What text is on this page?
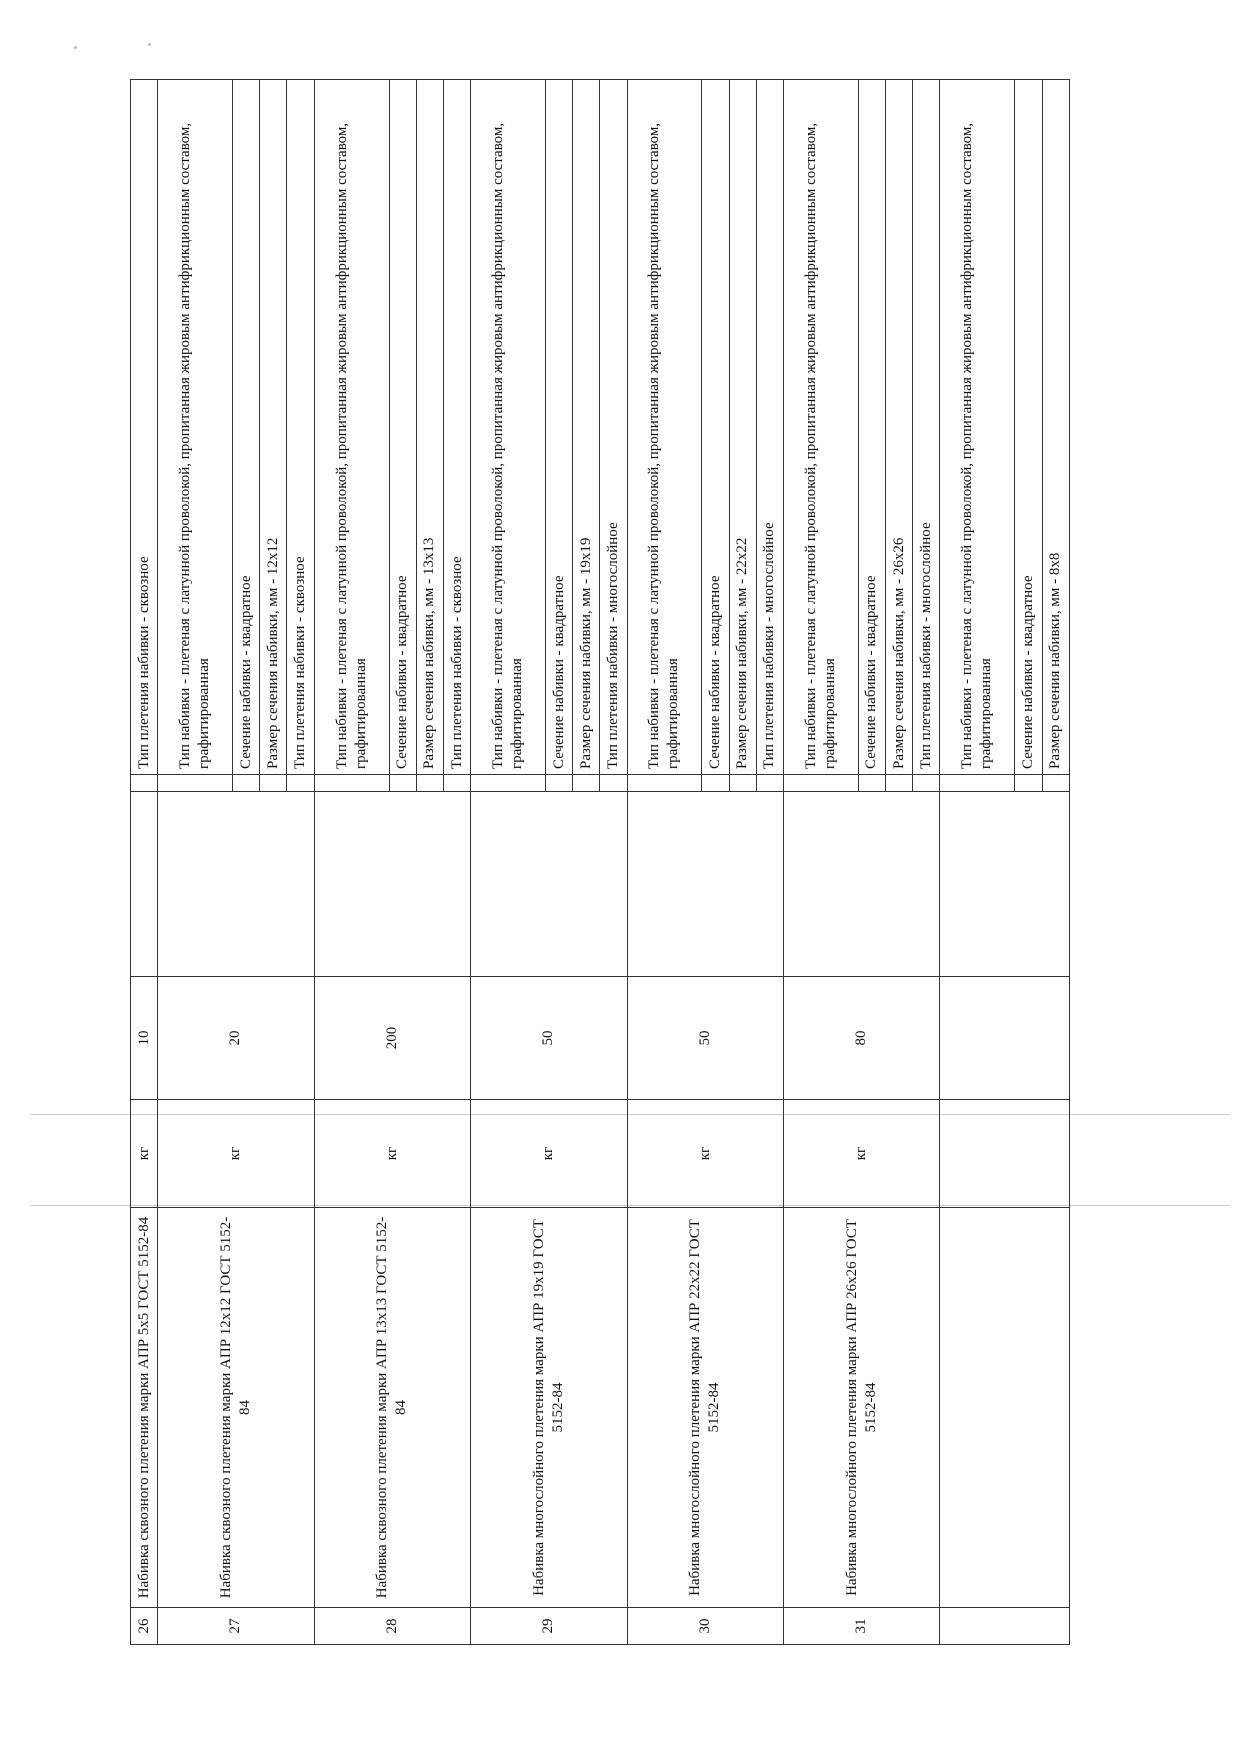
26	Набивка сквозного плетения марки АПР 5х5 ГОСТ 5152-84	кг	10			Тип плетения набивки - сквозное
27	Набивка сквозного плетения марки АПР 12х12 ГОСТ 5152-84	кг	20			Тип набивки - плетеная с латунной проволокой, пропитанная жировым антифрикционным составом, графитированная
						Сечение набивки - квадратное
						Размер сечения набивки, мм - 12х12
						Тип плетения набивки - сквозное
28	Набивка сквозного плетения марки АПР 13х13 ГОСТ 5152-84	кг	200			Тип набивки - плетеная с латунной проволокой, пропитанная жировым антифрикционным составом, графитированная
						Сечение набивки - квадратное
						Размер сечения набивки, мм - 13х13
						Тип плетения набивки - сквозное
29	Набивка многослойного плетения марки АПР 19х19 ГОСТ 5152-84	кг	50			Тип набивки - плетеная с латунной проволокой, пропитанная жировым антифрикционным составом, графитированная
						Сечение набивки - квадратное
						Размер сечения набивки, мм - 19х19
						Тип плетения набивки - многослойное
30	Набивка многослойного плетения марки АПР 22х22 ГОСТ 5152-84	кг	50			Тип набивки - плетеная с латунной проволокой, пропитанная жировым антифрикционным составом, графитированная
						Сечение набивки - квадратное
						Размер сечения набивки, мм - 22х22
						Тип плетения набивки - многослойное
31	Набивка многослойного плетения марки АПР 26х26 ГОСТ 5152-84	кг	80			Тип набивки - плетеная с латунной проволокой, пропитанная жировым антифрикционным составом, графитированная
						Сечение набивки - квадратное
						Размер сечения набивки, мм - 26х26
						Тип плетения набивки - многослойное
						Тип набивки - плетеная с латунной проволокой, пропитанная жировым антифрикционным составом, графитированная
						Сечение набивки - квадратное
						Размер сечения набивки, мм - 8х8
